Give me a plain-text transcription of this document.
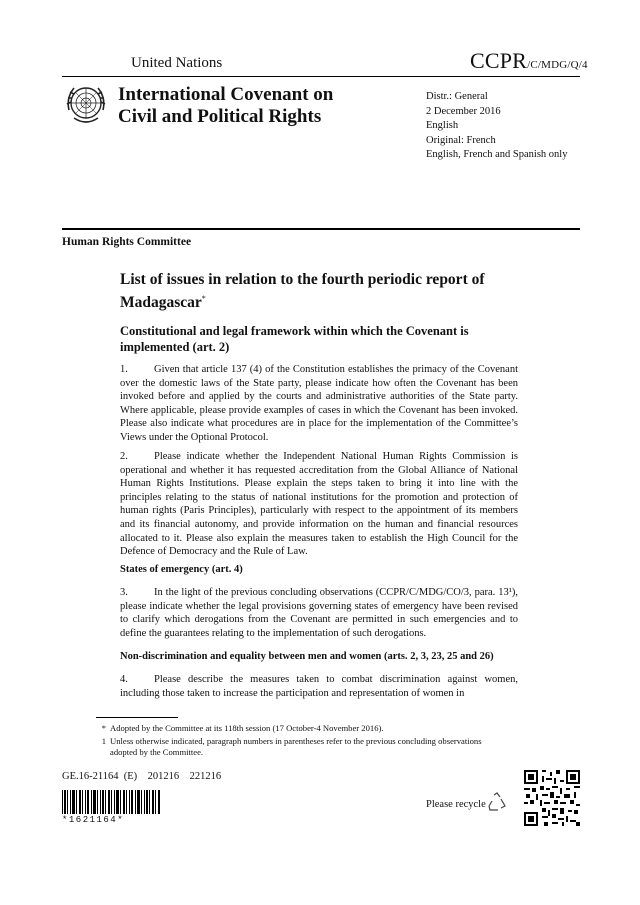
United Nations	CCPR/C/MDG/Q/4
International Covenant on
Civil and Political Rights
Distr.: General
2 December 2016
English
Original: French
English, French and Spanish only
Human Rights Committee
List of issues in relation to the fourth periodic report of Madagascar*
Constitutional and legal framework within which the Covenant is implemented (art. 2)
1. Given that article 137 (4) of the Constitution establishes the primacy of the Covenant over the domestic laws of the State party, please indicate how often the Covenant has been invoked before and applied by the courts and administrative authorities of the State party. Where applicable, please provide examples of cases in which the Covenant has been invoked. Please also indicate what procedures are in place for the implementation of the Committee’s Views under the Optional Protocol.
2. Please indicate whether the Independent National Human Rights Commission is operational and whether it has requested accreditation from the Global Alliance of National Human Rights Institutions. Please explain the steps taken to bring it into line with the principles relating to the status of national institutions for the promotion and protection of human rights (Paris Principles), particularly with respect to the appointment of its members and its financial autonomy, and provide information on the human and financial resources allocated to it. Please also explain the measures taken to establish the High Council for the Defence of Democracy and the Rule of Law.
States of emergency (art. 4)
3. In the light of the previous concluding observations (CCPR/C/MDG/CO/3, para. 13¹), please indicate whether the legal provisions governing states of emergency have been revised to clarify which derogations from the Covenant are permitted in such emergencies and to define the guarantees relating to the implementation of such derogations.
Non-discrimination and equality between men and women (arts. 2, 3, 23, 25 and 26)
4. Please describe the measures taken to combat discrimination against women, including those taken to increase the participation and representation of women in
* Adopted by the Committee at its 118th session (17 October-4 November 2016).
1 Unless otherwise indicated, paragraph numbers in parentheses refer to the previous concluding observations adopted by the Committee.
GE.16-21164  (E)    201216    221216
*1621164*
Please recycle
